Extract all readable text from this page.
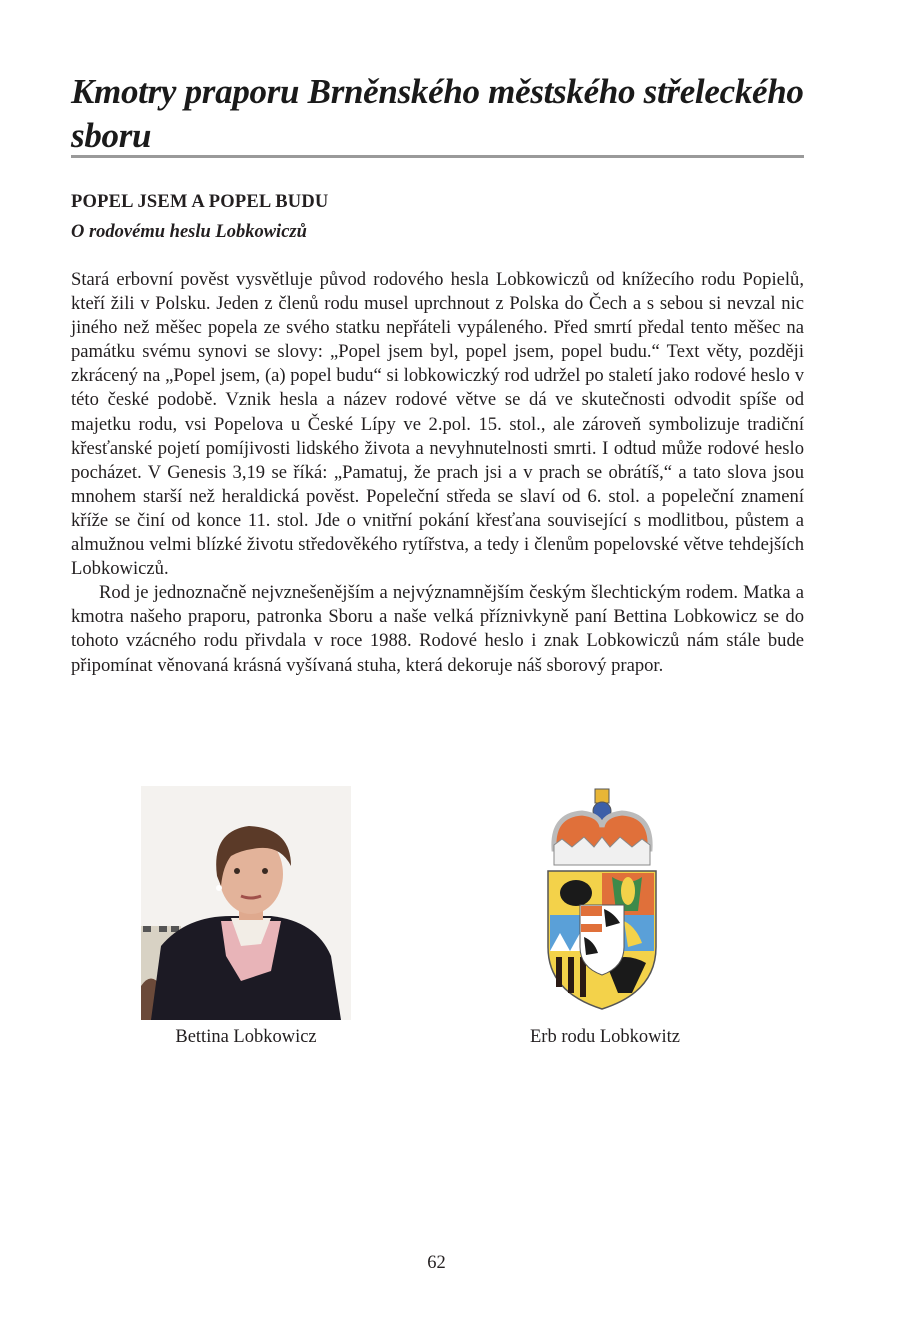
Kmotry praporu Brněnského městského střeleckého sboru
POPEL JSEM A POPEL BUDU
O rodovému heslu Lobkowiczů

Stará erbovní pověst vysvětluje původ rodového hesla Lobkowiczů od knížecího rodu Popielů, kteří žili v Polsku. Jeden z členů rodu musel uprchnout z Polska do Čech a s sebou si nevzal nic jiného než měšec popela ze svého statku nepřáteli vypáleného. Před smrtí předal tento měšec na památku svému synovi se slovy: „Popel jsem byl, popel jsem, popel budu.“ Text věty, později zkrácený na „Popel jsem, (a) popel budu“ si lobkowiczký rod udržel po staletí jako rodové heslo v této české podobě. Vznik hesla a název rodové větve se dá ve skutečnosti odvodit spíše od majetku rodu, vsi Popelova u České Lípy ve 2.pol. 15. stol., ale zároveň symbolizuje tradiční křesťanské pojetí pomíjivosti lidského života a nevyhnutelnosti smrti. I odtud může rodové heslo pocházet. V Genesis 3,19 se říká: „Pamatuj, že prach jsi a v prach se obrátíš,“ a tato slova jsou mnohem starší než heraldická pověst. Popeleční středa se slaví od 6. stol. a popeleční znamení kříže se činí od konce 11. stol. Jde o vnitřní pokání křesťana související s modlitbou, půstem a almužnou velmi blízké životu středověkého rytířstva, a tedy i členům popelovské větve tehdejších Lobkowiczů.

Rod je jednoznačně nejvznešenějším a nejvýznamnějším českým šlechtickým rodem. Matka a kmotra našeho praporu, patronka Sboru a naše velká příznivkyně paní Bettina Lobkowicz se do tohoto vzácného rodu přivdala v roce 1988. Rodové heslo i znak Lobkowiczů nám stále bude připomínat věnovaná krásná vyšívaná stuha, která dekoruje náš sborový prapor.

Bettina Lobkowicz	Erb rodu Lobkowitz
62
